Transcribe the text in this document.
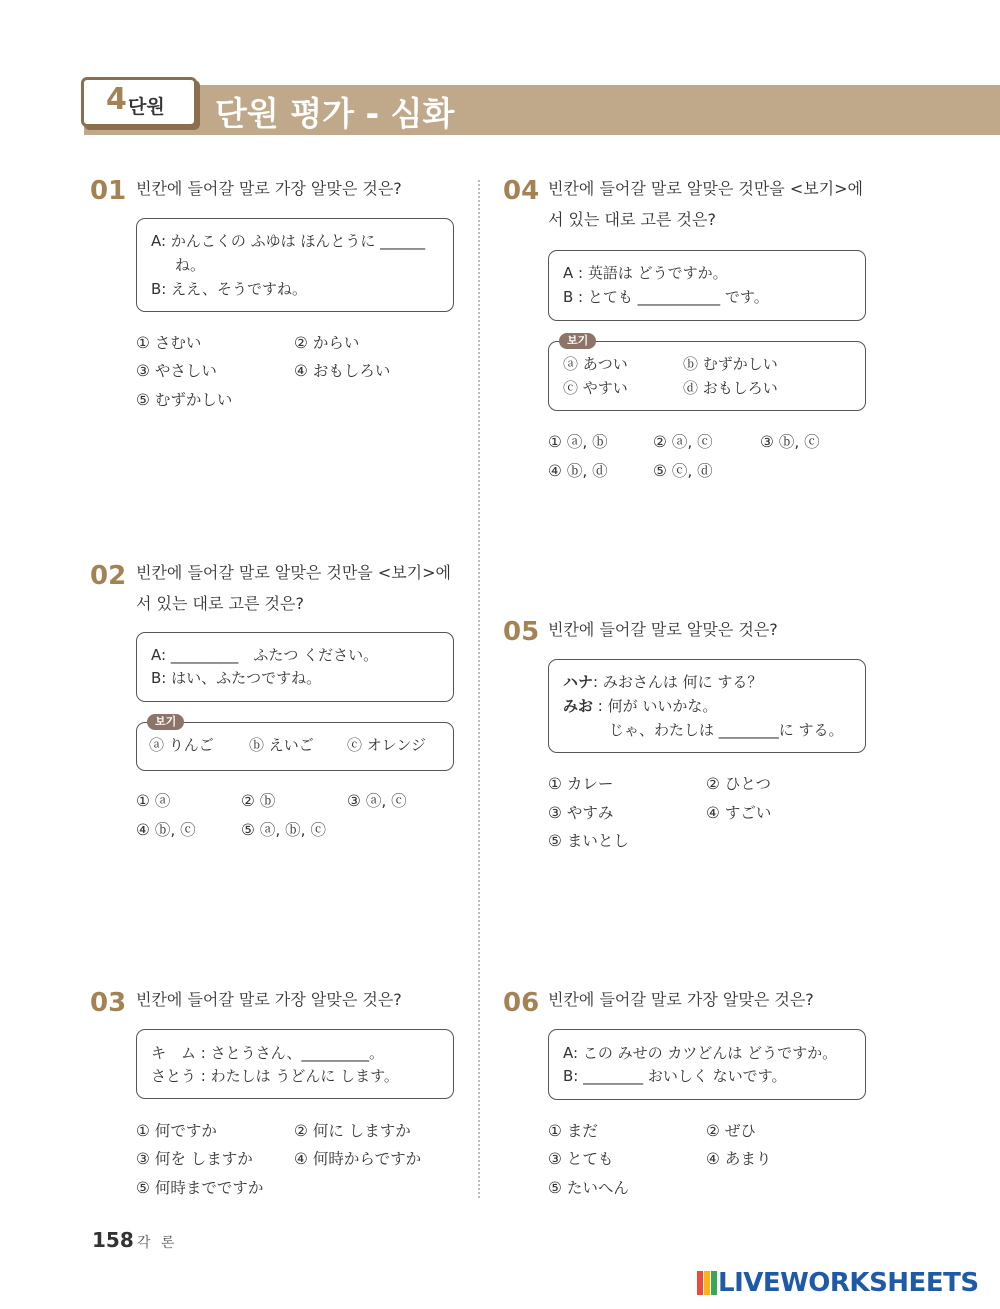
4 단원 단원 평가 - 심화
01 빈칸에 들어갈 말로 가장 알맞은 것은?
A: かんこくの ふゆは ほんとうに ______
ね。
B: ええ、そうですね。
① さむい	② からい
③ やさしい	④ おもしろい
⑤ むずかしい
02 빈칸에 들어갈 말로 알맞은 것만을 <보기>에
서 있는 대로 고른 것은?
A: _________　ふたつ ください。
B: はい、ふたつですね。
보기
ⓐ りんご ⓑ えいご ⓒ オレンジ
① ⓐ	② ⓑ	③ ⓐ, ⓒ
④ ⓑ, ⓒ	⑤ ⓐ, ⓑ, ⓒ
03 빈칸에 들어갈 말로 가장 알맞은 것은?
キ　ム : さとうさん、_________。
さとう : わたしは うどんに します。
① 何ですか	② 何に しますか
③ 何を しますか	④ 何時からですか
⑤ 何時までですか
04 빈칸에 들어갈 말로 알맞은 것만을 <보기>에
서 있는 대로 고른 것은?
A : 英語は どうですか。
B : とても ___________ です。
보기
ⓐ あつい	ⓑ むずかしい
ⓒ やすい	ⓓ おもしろい
① ⓐ, ⓑ	② ⓐ, ⓒ	③ ⓑ, ⓒ
④ ⓑ, ⓓ	⑤ ⓒ, ⓓ
05 빈칸에 들어갈 말로 알맞은 것은?
ハナ: みおさんは 何に する？
みお : 何が いいかな。
じゃ、わたしは ________に する。
① カレー	② ひとつ
③ やすみ	④ すごい
⑤ まいとし
06 빈칸에 들어갈 말로 가장 알맞은 것은?
A: この みせの カツどんは どうですか。
B: ________ おいしく ないです。
① まだ	② ぜひ
③ とても	④ あまり
⑤ たいへん
158 각 론
LIVEWORKSHEETS
